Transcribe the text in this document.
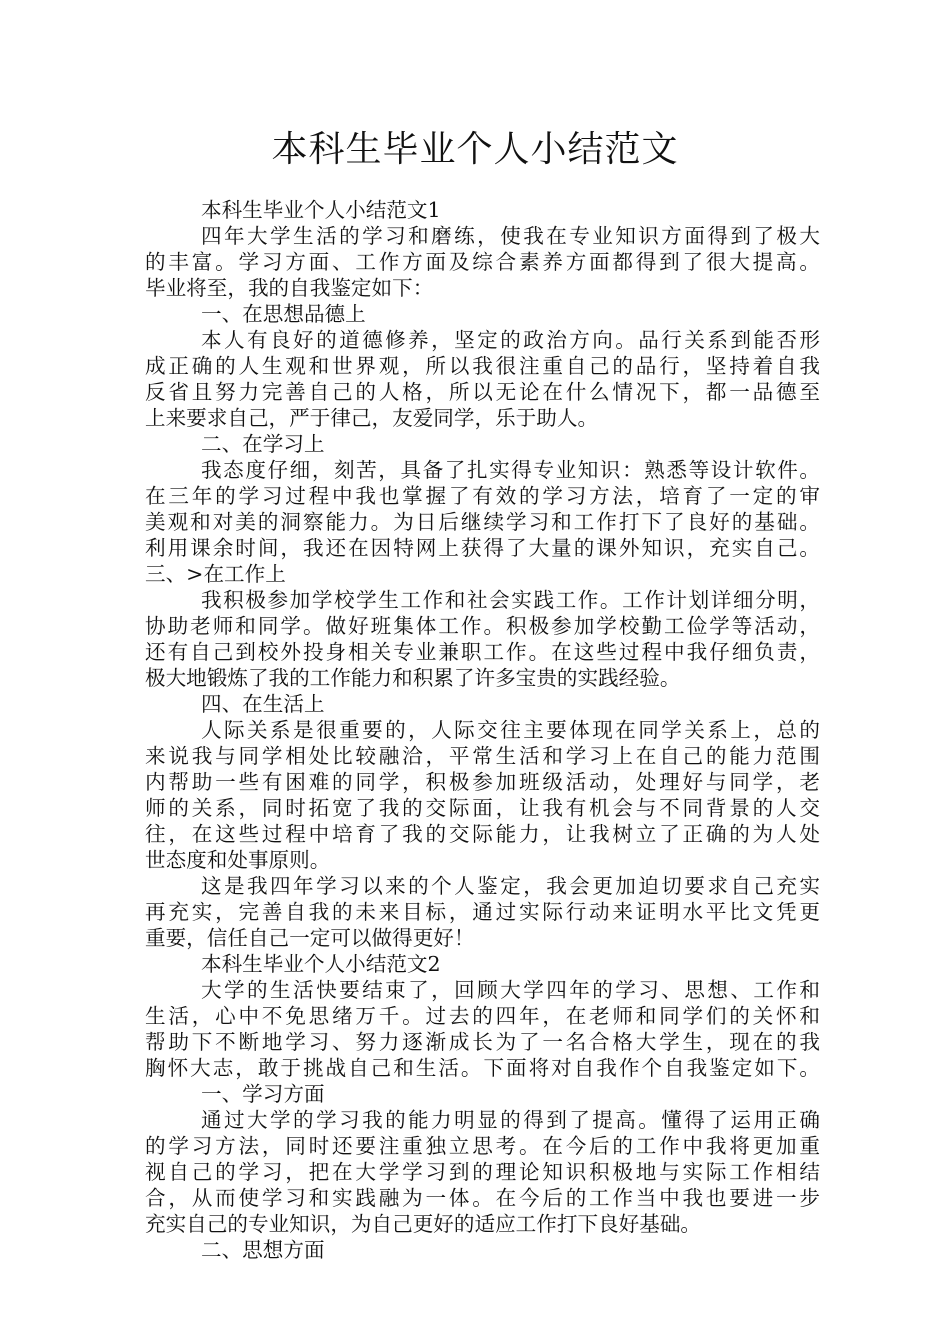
本科生毕业个人小结范文
本科生毕业个人小结范文1
四年大学生活的学习和磨练，使我在专业知识方面得到了极大
的丰富。学习方面、工作方面及综合素养方面都得到了很大提高。
毕业将至，我的自我鉴定如下：
一、在思想品德上
本人有良好的道德修养，坚定的政治方向。品行关系到能否形
成正确的人生观和世界观，所以我很注重自己的品行，坚持着自我
反省且努力完善自己的人格，所以无论在什么情况下，都一品德至
上来要求自己，严于律己，友爱同学，乐于助人。
二、在学习上
我态度仔细，刻苦，具备了扎实得专业知识：熟悉等设计软件。
在三年的学习过程中我也掌握了有效的学习方法，培育了一定的审
美观和对美的洞察能力。为日后继续学习和工作打下了良好的基础。
利用课余时间，我还在因特网上获得了大量的课外知识，充实自己。
三、>在工作上
我积极参加学校学生工作和社会实践工作。工作计划详细分明，
协助老师和同学。做好班集体工作。积极参加学校勤工俭学等活动，
还有自己到校外投身相关专业兼职工作。在这些过程中我仔细负责，
极大地锻炼了我的工作能力和积累了许多宝贵的实践经验。
四、在生活上
人际关系是很重要的，人际交往主要体现在同学关系上，总的
来说我与同学相处比较融洽，平常生活和学习上在自己的能力范围
内帮助一些有困难的同学，积极参加班级活动，处理好与同学，老
师的关系，同时拓宽了我的交际面，让我有机会与不同背景的人交
往，在这些过程中培育了我的交际能力，让我树立了正确的为人处
世态度和处事原则。
这是我四年学习以来的个人鉴定，我会更加迫切要求自己充实
再充实，完善自我的未来目标，通过实际行动来证明水平比文凭更
重要，信任自己一定可以做得更好！
本科生毕业个人小结范文2
大学的生活快要结束了，回顾大学四年的学习、思想、工作和
生活，心中不免思绪万千。过去的四年，在老师和同学们的关怀和
帮助下不断地学习、努力逐渐成长为了一名合格大学生，现在的我
胸怀大志，敢于挑战自己和生活。下面将对自我作个自我鉴定如下。
一、学习方面
通过大学的学习我的能力明显的得到了提高。懂得了运用正确
的学习方法，同时还要注重独立思考。在今后的工作中我将更加重
视自己的学习，把在大学学习到的理论知识积极地与实际工作相结
合，从而使学习和实践融为一体。在今后的工作当中我也要进一步
充实自己的专业知识，为自己更好的适应工作打下良好基础。
二、思想方面
